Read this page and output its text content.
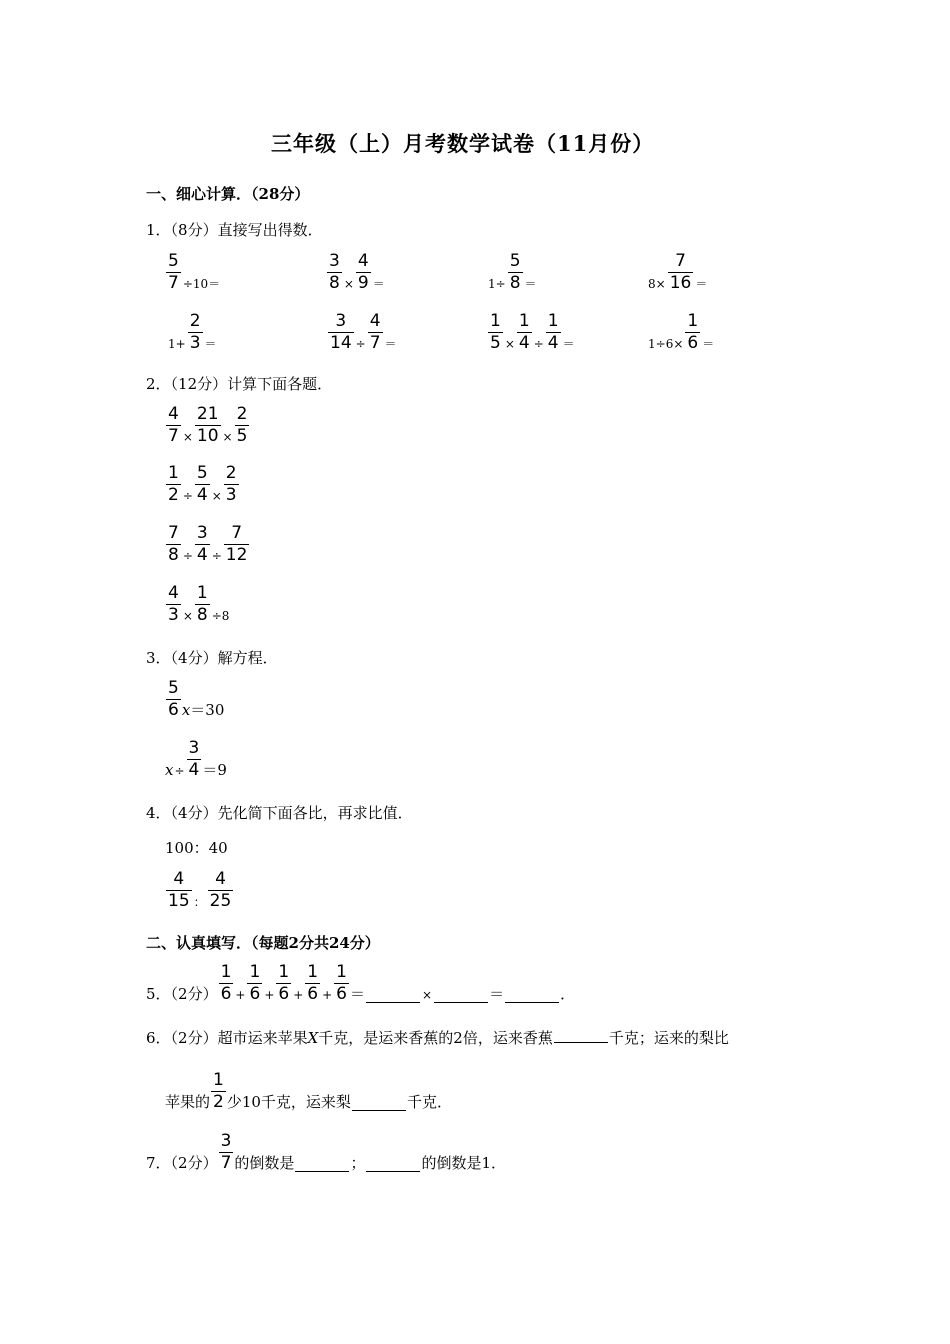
三年级（上）月考数学试卷（11月份）
一、细心计算．（28分）
1．（8分）直接写出得数．
$\frac{5}{7} \div 10=$	$\frac{3}{8} \times \frac{4}{9}$ ＝	$1\div \frac{5}{8}$ ＝	$8\times \frac{7}{16}$ ＝
$1+ \frac{2}{3}$ ＝	$\frac{3}{14} \div \frac{4}{7}$ ＝	$\frac{1}{5} \times \frac{1}{4} \div \frac{1}{4}$ ＝	$1\div 6\times \frac{1}{6}$ ＝
2．（12分）计算下面各题．
$\frac{4}{7} \times \frac{21}{10} \times \frac{2}{5}$
$\frac{1}{2} \div \frac{5}{4} \times \frac{2}{3}$
$\frac{7}{8} \div \frac{3}{4} \div \frac{7}{12}$
$\frac{4}{3} \times \frac{1}{8} \div 8$
3．（4分）解方程．
5
6 x ＝30
$x \div \frac{3}{4} =9$
4．（4分）先化简下面各比，再求比值．
100：40
4
15 ：
4
25
二、认真填写．（每题2分共24分）
5．（2分）
1
$6 + \frac{1}{6} + \frac{1}{6} + \frac{1}{6} + \frac{1}{6}$ ＝	×	＝	．
6．（2分）超市运来苹果X千克，是运来香蕉的2倍，运来香蕉	千克；运来的梨比
苹果的
1
2 少10千克，运来梨	千克．
7．（2分）
3
7 的倒数是	；	的倒数是1．
